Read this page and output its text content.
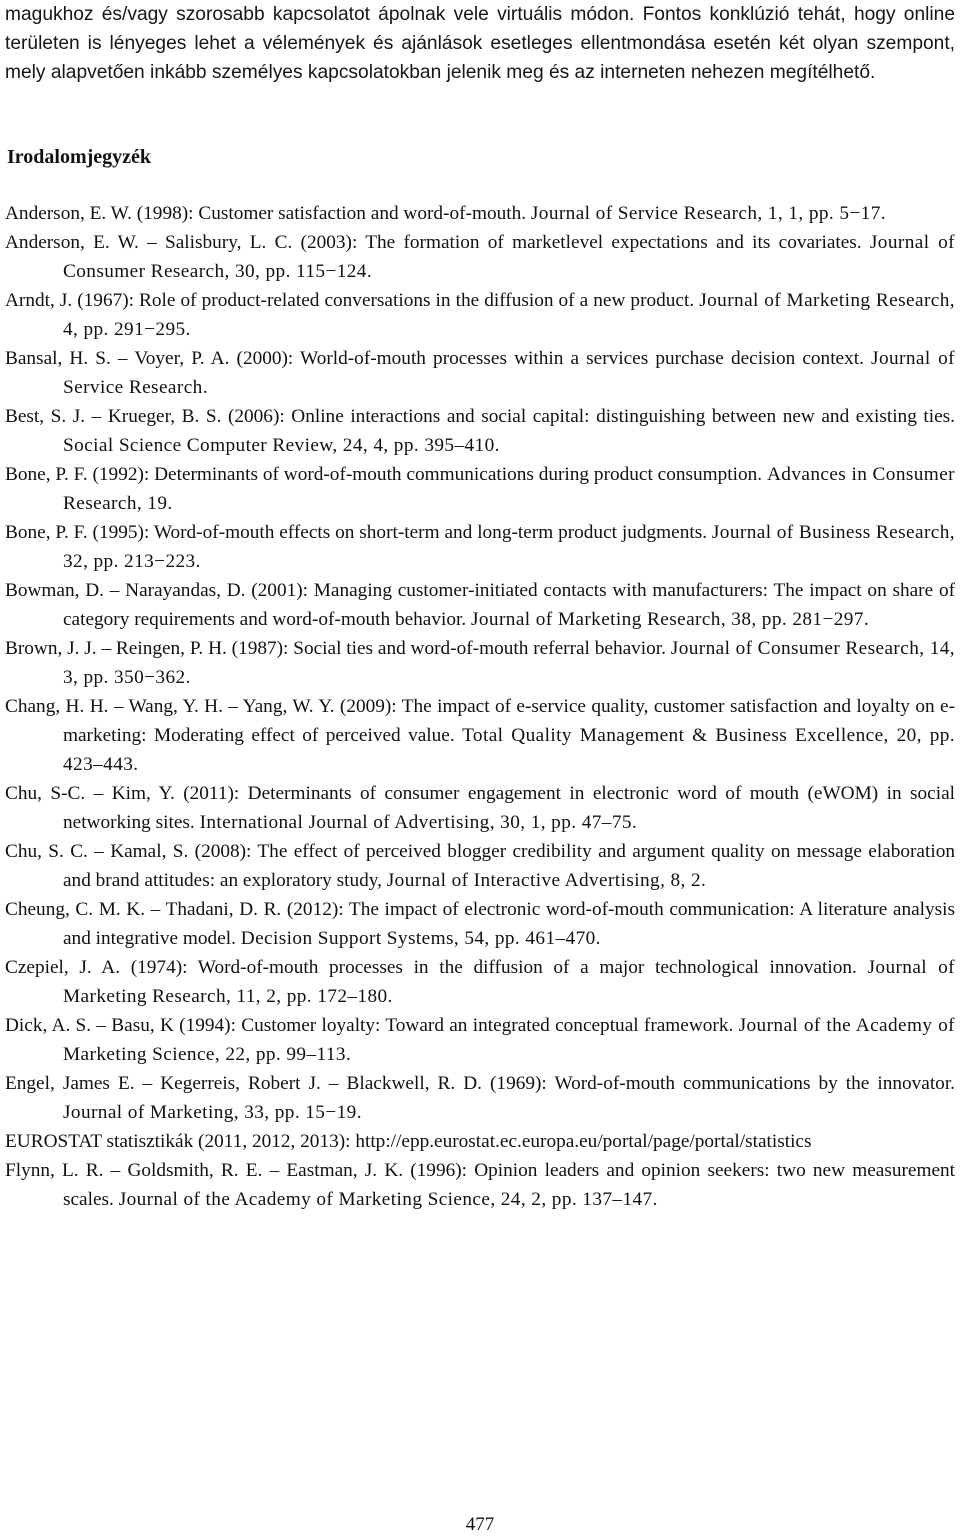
magukhoz és/vagy szorosabb kapcsolatot ápolnak vele virtuális módon. Fontos konklúzió tehát, hogy online területen is lényeges lehet a vélemények és ajánlások esetleges ellentmondása esetén két olyan szempont, mely alapvetően inkább személyes kapcsolatokban jelenik meg és az interneten nehezen megítélhető.

Irodalomjegyzék
Anderson, E. W. (1998): Customer satisfaction and word-of-mouth. Journal of Service Research, 1, 1, pp. 5−17.
Anderson, E. W. ‒ Salisbury, L. C. (2003): The formation of marketlevel expectations and its covariates. Journal of Consumer Research, 30, pp. 115−124.
Arndt, J. (1967): Role of product-related conversations in the diffusion of a new product. Journal of Marketing Research, 4, pp. 291−295.
Bansal, H. S. ‒ Voyer, P. A. (2000): World-of-mouth processes within a services purchase decision context. Journal of Service Research.
Best, S. J. ‒ Krueger, B. S. (2006): Online interactions and social capital: distinguishing between new and existing ties. Social Science Computer Review, 24, 4, pp. 395‒410.
Bone, P. F. (1992): Determinants of word-of-mouth communications during product consumption. Advances in Consumer Research, 19.
Bone, P. F. (1995): Word-of-mouth effects on short-term and long-term product judgments. Journal of Business Research, 32, pp. 213−223.
Bowman, D. ‒ Narayandas, D. (2001): Managing customer-initiated contacts with manufacturers: The impact on share of category requirements and word-of-mouth behavior. Journal of Marketing Research, 38, pp. 281−297.
Brown, J. J. ‒ Reingen, P. H. (1987): Social ties and word-of-mouth referral behavior. Journal of Consumer Research, 14, 3, pp. 350−362.
Chang, H. H. ‒ Wang, Y. H. ‒ Yang, W. Y. (2009): The impact of e-service quality, customer satisfaction and loyalty on e-marketing: Moderating effect of perceived value. Total Quality Management & Business Excellence, 20, pp. 423‒443.
Chu, S-C. ‒ Kim, Y. (2011): Determinants of consumer engagement in electronic word of mouth (eWOM) in social networking sites. International Journal of Advertising, 30, 1, pp. 47‒75.
Chu, S. C. ‒ Kamal, S. (2008): The effect of perceived blogger credibility and argument quality on message elaboration and brand attitudes: an exploratory study, Journal of Interactive Advertising, 8, 2.
Cheung, C. M. K. ‒ Thadani, D. R. (2012): The impact of electronic word-of-mouth communication: A literature analysis and integrative model. Decision Support Systems, 54, pp. 461‒470.
Czepiel, J. A. (1974): Word-of-mouth processes in the diffusion of a major technological innovation. Journal of Marketing Research, 11, 2, pp. 172‒180.
Dick, A. S. ‒ Basu, K (1994): Customer loyalty: Toward an integrated conceptual framework. Journal of the Academy of Marketing Science, 22, pp. 99‒113.
Engel, James E. ‒ Kegerreis, Robert J. ‒ Blackwell, R. D. (1969): Word-of-mouth communications by the innovator. Journal of Marketing, 33, pp. 15−19.
EUROSTAT statisztikák (2011, 2012, 2013): http://epp.eurostat.ec.europa.eu/portal/page/portal/statistics
Flynn, L. R. ‒ Goldsmith, R. E. ‒ Eastman, J. K. (1996): Opinion leaders and opinion seekers: two new measurement scales. Journal of the Academy of Marketing Science, 24, 2, pp. 137‒147.

477
